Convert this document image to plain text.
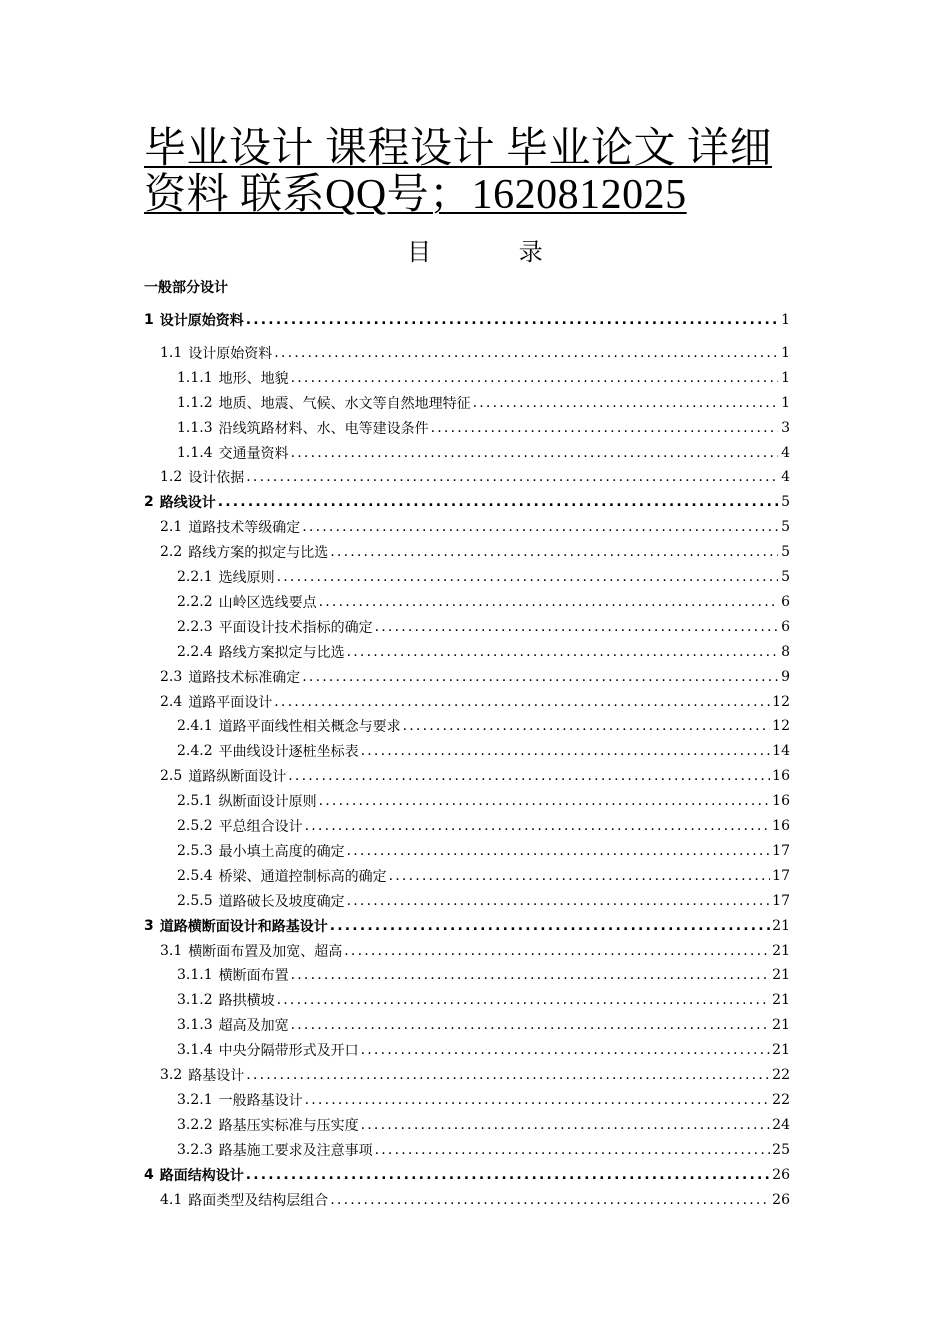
毕业设计 课程设计 毕业论文 详细
资料 联系QQ号；1620812025
目 录
一般部分设计
1 设计原始资料 .....	1
1.1 设计原始资料 .....	1
1.1.1 地形、地貌 .....	1
1.1.2 地质、地震、气候、水文等自然地理特征 .....	1
1.1.3 沿线筑路材料、水、电等建设条件 .....	3
1.1.4 交通量资料 .....	4
1.2 设计依据 .....	4
2 路线设计 .....	5
2.1 道路技术等级确定 .....	5
2.2 路线方案的拟定与比选 .....	5
2.2.1 选线原则 .....	5
2.2.2 山岭区选线要点 .....	6
2.2.3 平面设计技术指标的确定 .....	6
2.2.4 路线方案拟定与比选 .....	8
2.3 道路技术标准确定 .....	9
2.4 道路平面设计 .....	12
2.4.1 道路平面线性相关概念与要求 .....	12
2.4.2 平曲线设计逐桩坐标表 .....	14
2.5 道路纵断面设计 .....	16
2.5.1 纵断面设计原则 .....	16
2.5.2 平总组合设计 .....	16
2.5.3 最小填土高度的确定 .....	17
2.5.4 桥梁、通道控制标高的确定 .....	17
2.5.5 道路破长及坡度确定 .....	17
3 道路横断面设计和路基设计 .....	21
3.1 横断面布置及加宽、超高 .....	21
3.1.1 横断面布置 .....	21
3.1.2 路拱横坡 .....	21
3.1.3 超高及加宽 .....	21
3.1.4 中央分隔带形式及开口 .....	21
3.2 路基设计 .....	22
3.2.1 一般路基设计 .....	22
3.2.2 路基压实标准与压实度 .....	24
3.2.3 路基施工要求及注意事项 .....	25
4 路面结构设计 .....	26
4.1 路面类型及结构层组合 .....	26
